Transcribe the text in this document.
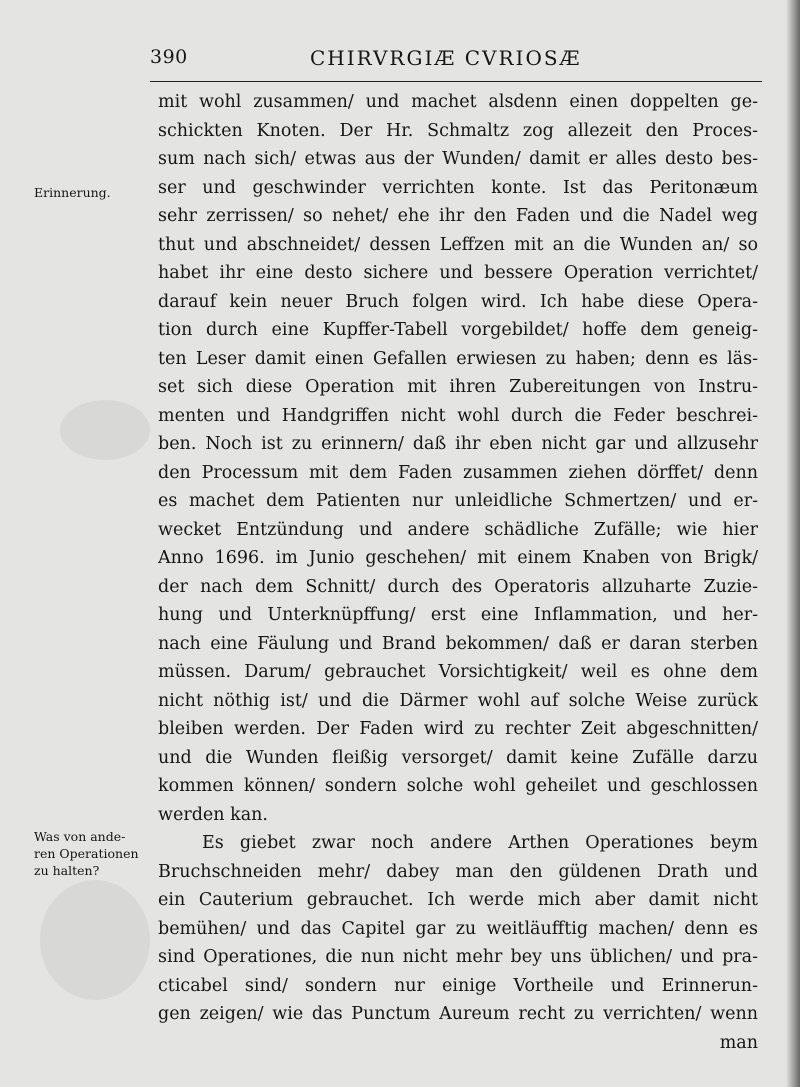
390	CHIRVRGIÆ CVRIOSÆ
Erinnerung.
Was von ande-
ren Operationen
zu halten?
mit wohl zusammen/ und machet alsdenn einen doppelten ge-
schickten Knoten. Der Hr. Schmaltz zog allezeit den Proces-
sum nach sich/ etwas aus der Wunden/ damit er alles desto bes-
ser und geschwinder verrichten konte. Ist das Peritonæum
sehr zerrissen/ so nehet/ ehe ihr den Faden und die Nadel weg
thut und abschneidet/ dessen Leffzen mit an die Wunden an/ so
habet ihr eine desto sichere und bessere Operation verrichtet/
darauf kein neuer Bruch folgen wird. Ich habe diese Opera-
tion durch eine Kupffer-Tabell vorgebildet/ hoffe dem geneig-
ten Leser damit einen Gefallen erwiesen zu haben; denn es läs-
set sich diese Operation mit ihren Zubereitungen von Instru-
menten und Handgriffen nicht wohl durch die Feder beschrei-
ben. Noch ist zu erinnern/ daß ihr eben nicht gar und allzusehr
den Processum mit dem Faden zusammen ziehen dörffet/ denn
es machet dem Patienten nur unleidliche Schmertzen/ und er-
wecket Entzündung und andere schädliche Zufälle; wie hier
Anno 1696. im Junio geschehen/ mit einem Knaben von Brigk/
der nach dem Schnitt/ durch des Operatoris allzuharte Zuzie-
hung und Unterknüpffung/ erst eine Inflammation, und her-
nach eine Fäulung und Brand bekommen/ daß er daran sterben
müssen. Darum/ gebrauchet Vorsichtigkeit/ weil es ohne dem
nicht nöthig ist/ und die Därmer wohl auf solche Weise zurück
bleiben werden. Der Faden wird zu rechter Zeit abgeschnitten/
und die Wunden fleißig versorget/ damit keine Zufälle darzu
kommen können/ sondern solche wohl geheilet und geschlossen
werden kan.
Es giebet zwar noch andere Arthen Operationes beym
Bruchschneiden mehr/ dabey man den güldenen Drath und
ein Cauterium gebrauchet. Ich werde mich aber damit nicht
bemühen/ und das Capitel gar zu weitläufftig machen/ denn es
sind Operationes, die nun nicht mehr bey uns üblichen/ und pra-
cticabel sind/ sondern nur einige Vortheile und Erinnerun-
gen zeigen/ wie das Punctum Aureum recht zu verrichten/ wenn
man
